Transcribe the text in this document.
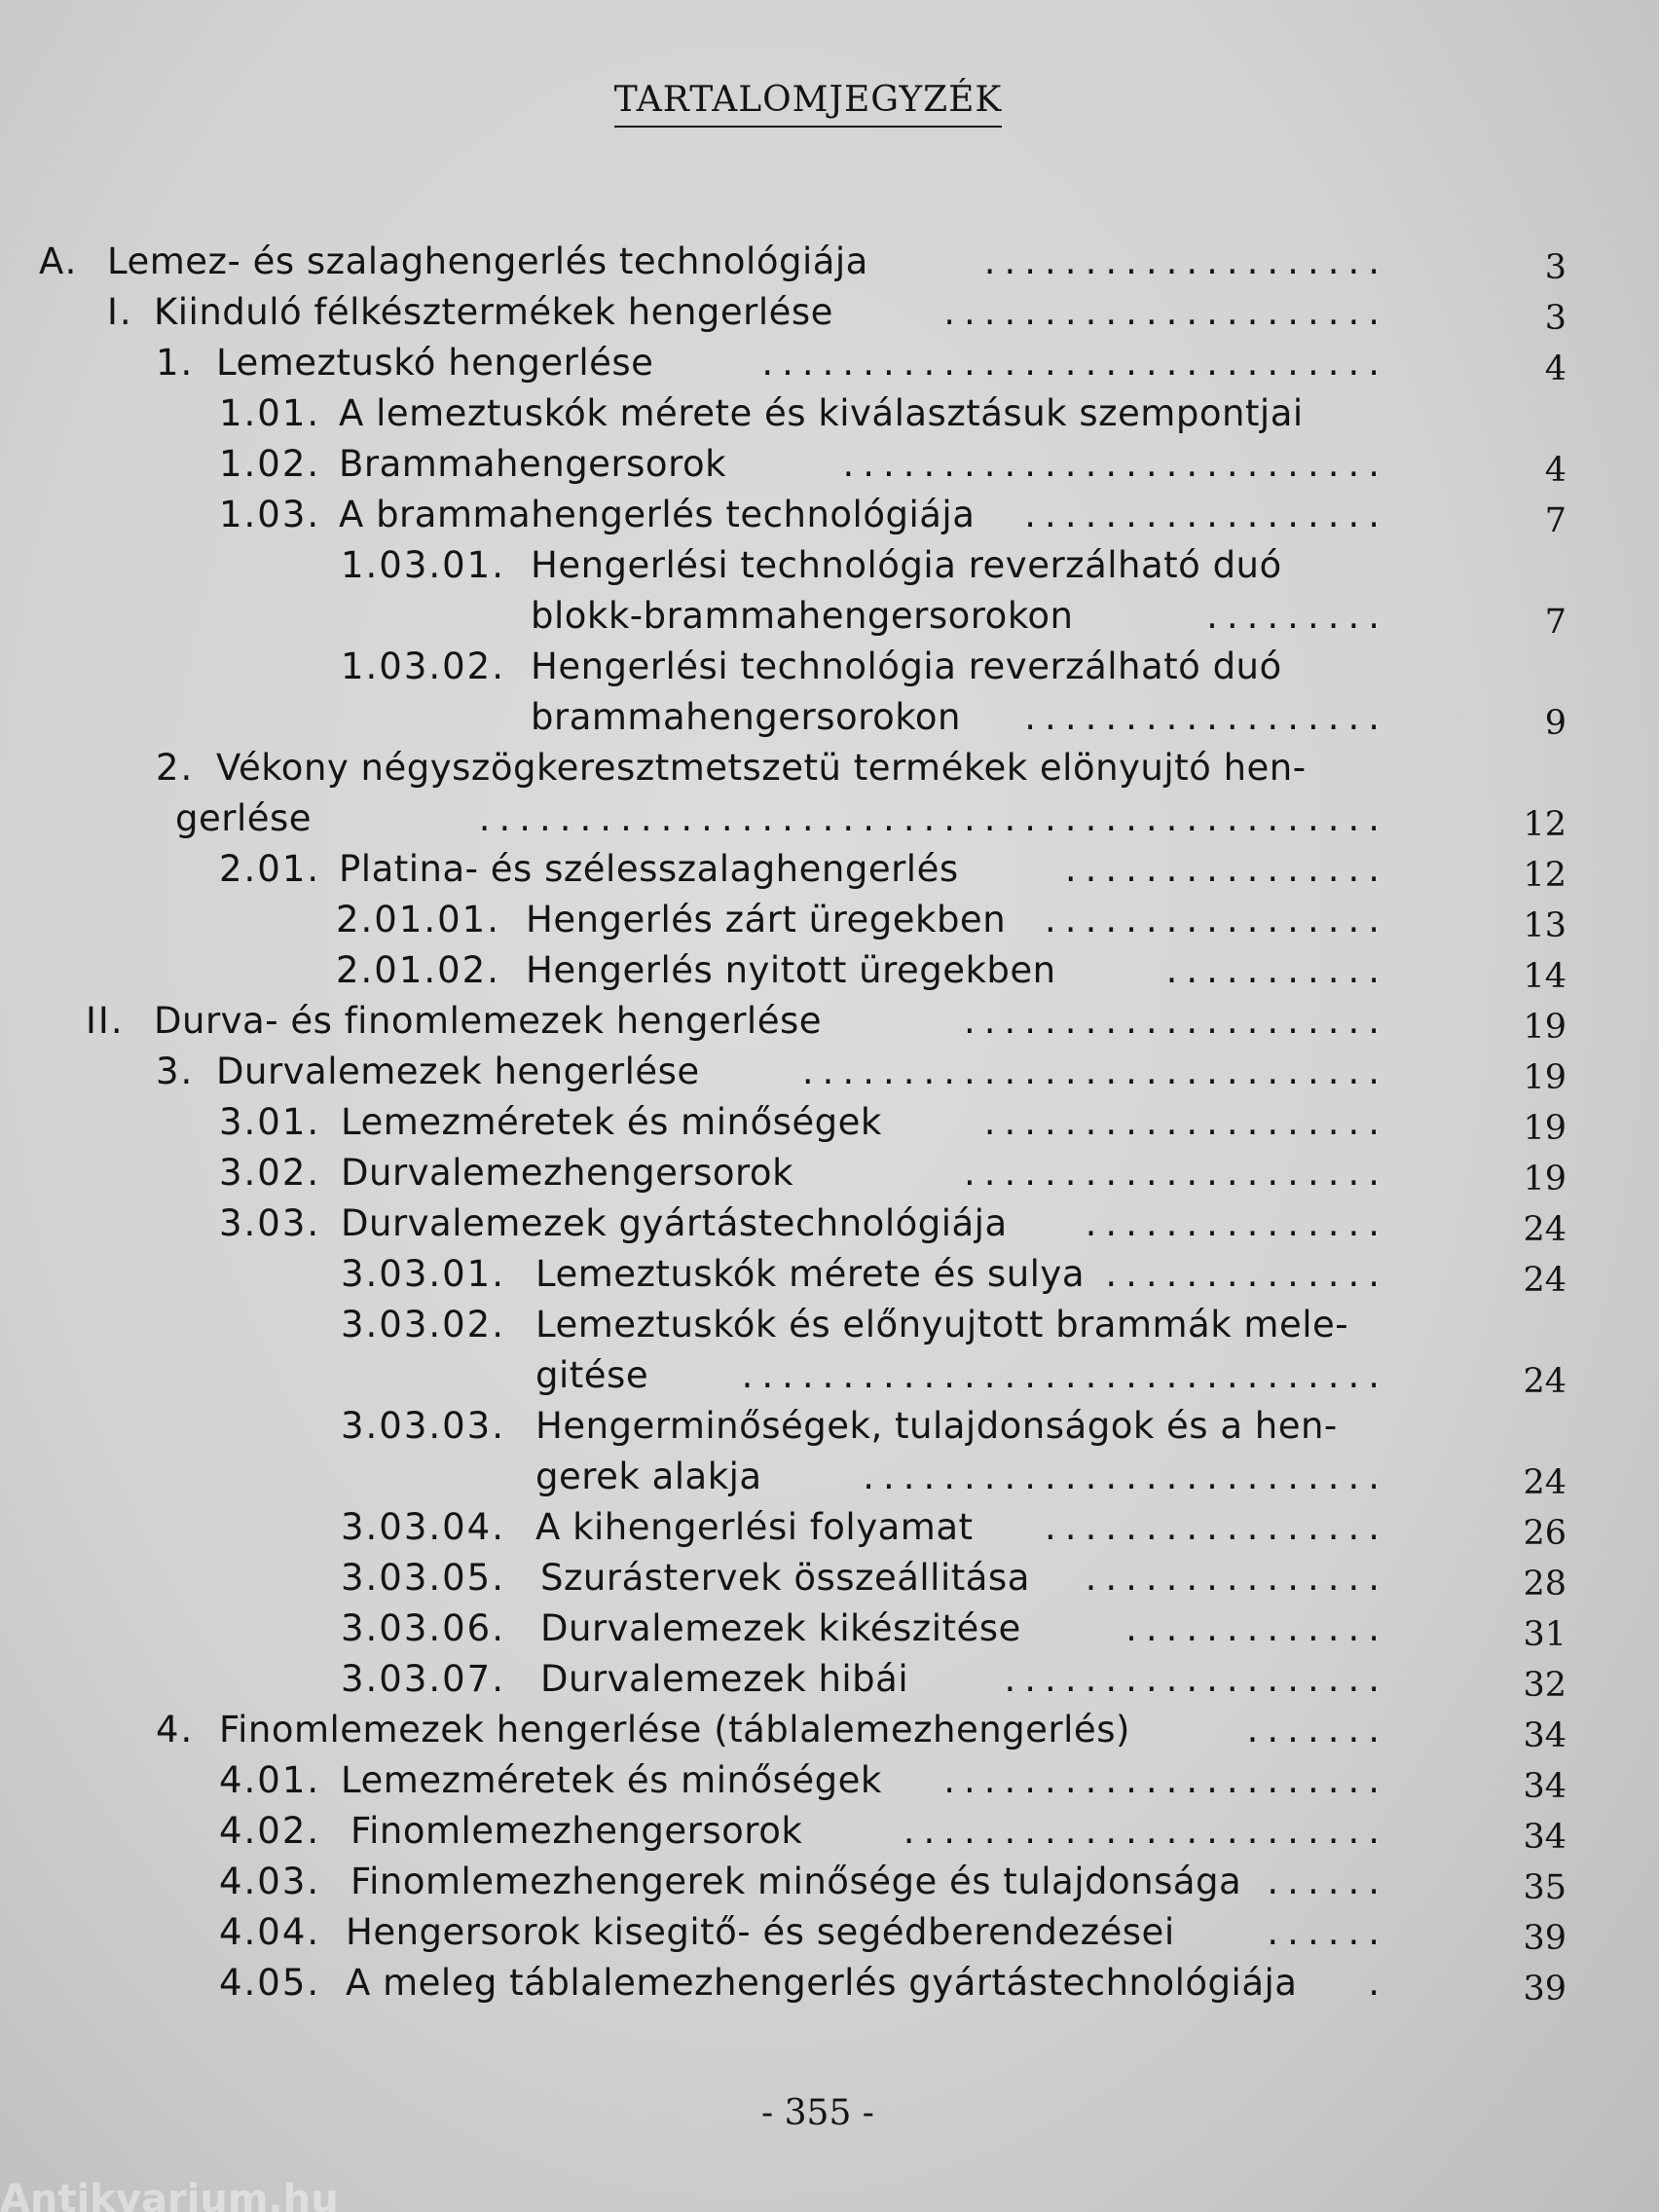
TARTALOMJEGYZÉK
A. Lemez- és szalaghengerlés technológiája	....................	3
I. Kiinduló félkésztermékek hengerlése	......................	3
1. Lemeztuskó hengerlése	...............................	4
1.01. A lemeztuskók mérete és kiválasztásuk szempontjai
1.02. Brammahengersorok	...........................	4
1.03. A brammahengerlés technológiája ..................	7
1.03.01. Hengerlési technológia reverzálható duó
blokk-brammahengersorokon	.........	7
1.03.02. Hengerlési technológia reverzálható duó
brammahengersorokon ..................	9
2. Vékony négyszögkeresztmetszetü termékek elönyujtó hen-
gerlése	.............................................	12
2.01. Platina- és szélesszalaghengerlés	................	12
2.01.01. Hengerlés zárt üregekben .................	13
2.01.02. Hengerlés nyitott üregekben	...........	14
II. Durva- és finomlemezek hengerlése	.....................	19
3. Durvalemezek hengerlése	.............................	19
3.01. Lemezméretek és minőségek	....................	19
3.02. Durvalemezhengersorok	.....................	19
3.03. Durvalemezek gyártástechnológiája ...............	24
3.03.01. Lemeztuskók mérete és sulya ..............	24
3.03.02. Lemeztuskók és előnyujtott brammák mele-
gitése	................................	24
3.03.03. Hengerminőségek, tulajdonságok és a hen-
gerek alakja	..........................	24
3.03.04. A kihengerlési folyamat .................	26
3.03.05. Szurástervek összeállitása ...............	28
3.03.06. Durvalemezek kikészitése	.............	31
3.03.07. Durvalemezek hibái	...................	32
4. Finomlemezek hengerlése (táblalemezhengerlés)	.......	34
4.01. Lemezméretek és minőségek ......................	34
4.02. Finomlemezhengersorok	........................	34
4.03. Finomlemezhengerek minősége és tulajdonsága ......	35
4.04. Hengersorok kisegitő- és segédberendezései	......	39
4.05. A meleg táblalemezhengerlés gyártástechnológiája .	39
- 355 -
Antikvarium.hu
